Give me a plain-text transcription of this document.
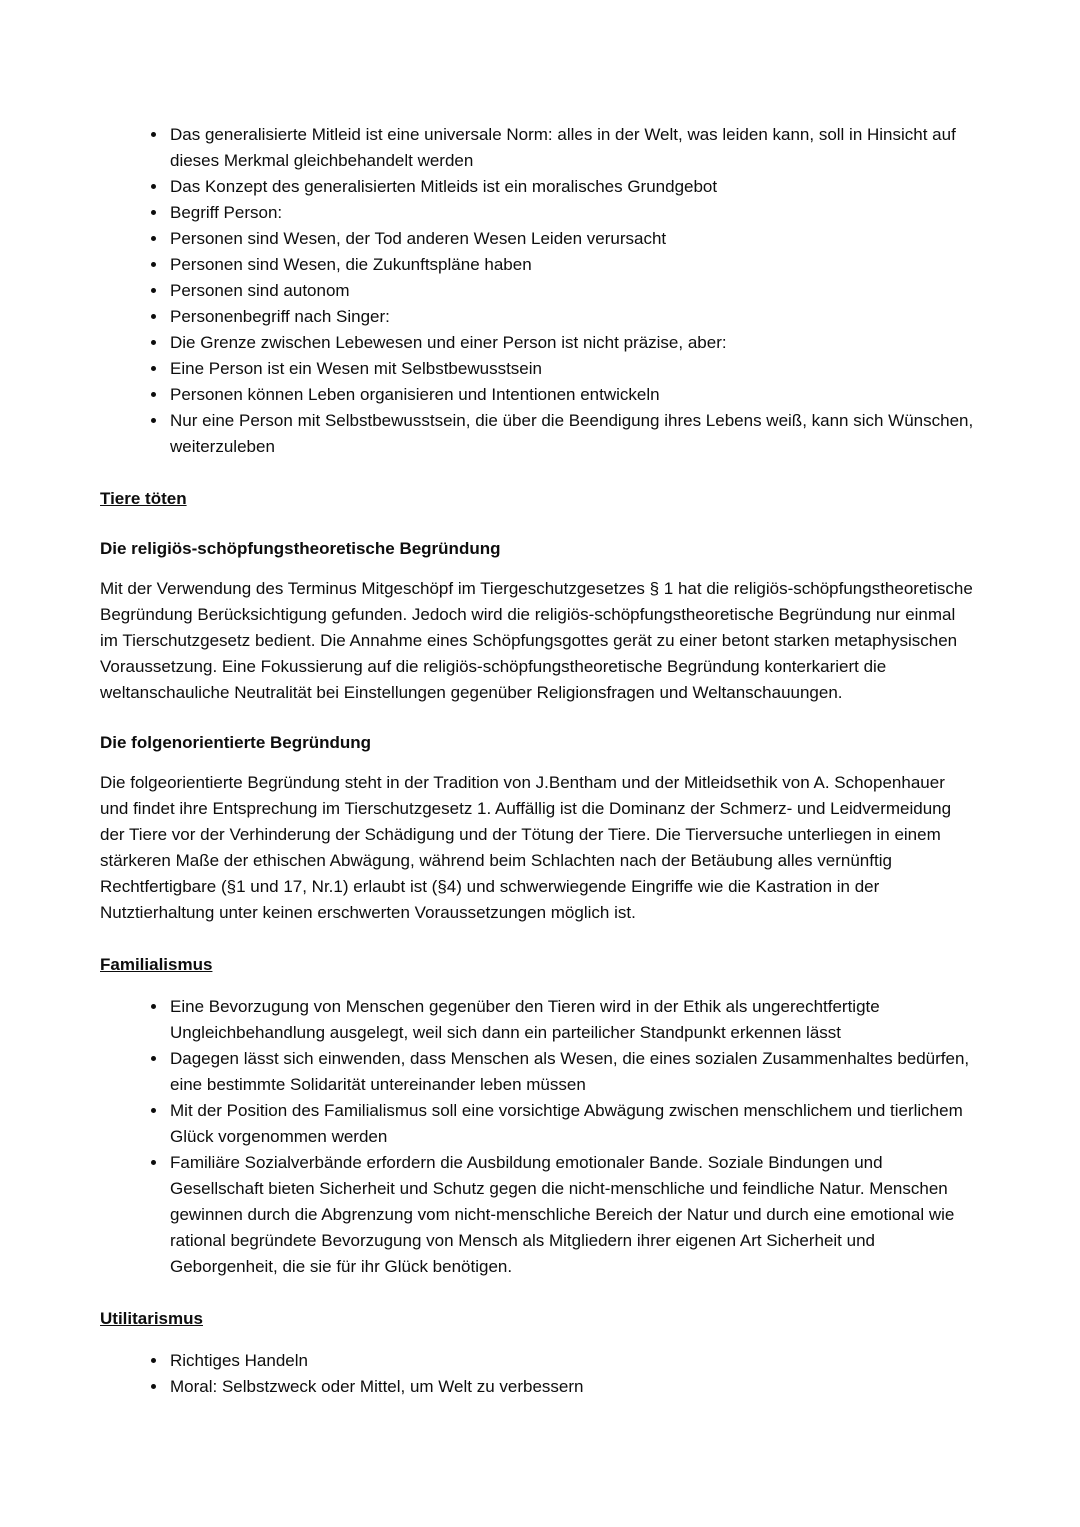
• Das generalisierte Mitleid ist eine universale Norm: alles in der Welt, was leiden kann, soll in Hinsicht auf dieses Merkmal gleichbehandelt werden
• Das Konzept des generalisierten Mitleids ist ein moralisches Grundgebot
• Begriff Person:
• Personen sind Wesen, der Tod anderen Wesen Leiden verursacht
• Personen sind Wesen, die Zukunftspläne haben
• Personen sind autonom
• Personenbegriff nach Singer:
• Die Grenze zwischen Lebewesen und einer Person ist nicht präzise, aber:
• Eine Person ist ein Wesen mit Selbstbewusstsein
• Personen können Leben organisieren und Intentionen entwickeln
• Nur eine Person mit Selbstbewusstsein, die über die Beendigung ihres Lebens weiß, kann sich Wünschen, weiterzuleben
Tiere töten
Die religiös-schöpfungstheoretische Begründung

Mit der Verwendung des Terminus Mitgeschöpf im Tiergeschutzgesetzes § 1 hat die religiös-schöpfungstheoretische Begründung Berücksichtigung gefunden. Jedoch wird die religiös-schöpfungstheoretische Begründung nur einmal im Tierschutzgesetz bedient. Die Annahme eines Schöpfungsgottes gerät zu einer betont starken metaphysischen Voraussetzung. Eine Fokussierung auf die religiös-schöpfungstheoretische Begründung konterkariert die weltanschauliche Neutralität bei Einstellungen gegenüber Religionsfragen und Weltanschauungen.

Die folgenorientierte Begründung

Die folgeorientierte Begründung steht in der Tradition von J.Bentham und der Mitleidsethik von A. Schopenhauer und findet ihre Entsprechung im Tierschutzgesetz 1. Auffällig ist die Dominanz der Schmerz- und Leidvermeidung der Tiere vor der Verhinderung der Schädigung und der Tötung der Tiere. Die Tierversuche unterliegen in einem stärkeren Maße der ethischen Abwägung, während beim Schlachten nach der Betäubung alles vernünftig Rechtfertigbare (§1 und 17, Nr.1) erlaubt ist (§4) und schwerwiegende Eingriffe wie die Kastration in der Nutztierhaltung unter keinen erschwerten Voraussetzungen möglich ist.

Familialismus
• Eine Bevorzugung von Menschen gegenüber den Tieren wird in der Ethik als ungerechtfertigte Ungleichbehandlung ausgelegt, weil sich dann ein parteilicher Standpunkt erkennen lässt
• Dagegen lässt sich einwenden, dass Menschen als Wesen, die eines sozialen Zusammenhaltes bedürfen, eine bestimmte Solidarität untereinander leben müssen
• Mit der Position des Familialismus soll eine vorsichtige Abwägung zwischen menschlichem und tierlichem Glück vorgenommen werden
• Familiäre Sozialverbände erfordern die Ausbildung emotionaler Bande. Soziale Bindungen und Gesellschaft bieten Sicherheit und Schutz gegen die nicht-menschliche und feindliche Natur. Menschen gewinnen durch die Abgrenzung vom nicht-menschliche Bereich der Natur und durch eine emotional wie rational begründete Bevorzugung von Mensch als Mitgliedern ihrer eigenen Art Sicherheit und Geborgenheit, die sie für ihr Glück benötigen.
Utilitarismus
• Richtiges Handeln
• Moral: Selbstzweck oder Mittel, um Welt zu verbessern
